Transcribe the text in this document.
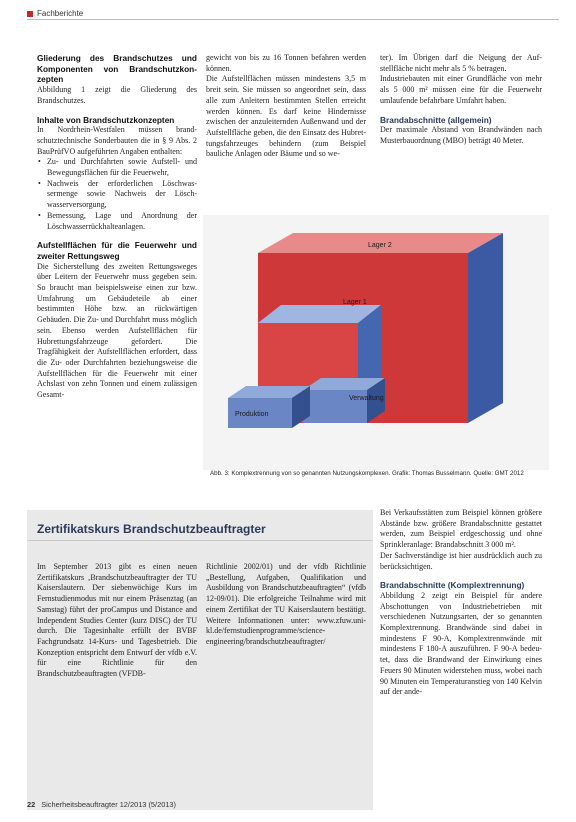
Fachberichte

Gliederung des Brandschutzes und Komponenten von Brandschutzkonzepten

Abbildung 1 zeigt die Gliederung des Brandschutzes.

Inhalte von Brandschutzkonzepten

In Nordrhein-Westfalen müssen brandschutztechnische Sonderbauten die in § 9 Abs. 2 BauPrüfVO aufgeführten Angaben enthalten:

• Zu- und Durchfahrten sowie Aufstell- und Bewegungsflächen für die Feuerwehr,
• Nachweis der erforderlichen Löschwassermenge sowie Nachweis der Löschwasserversorgung,
• Bemessung, Lage und Anordnung der Löschwasserrückhalteanlagen.

Aufstellflächen für die Feuerwehr und zweiter Rettungsweg

Die Sicherstellung des zweiten Rettungsweges über Leitern der Feuerwehr muss gegeben sein. So braucht man beispielsweise einen zur bzw. Umfahrung um Gebäudeteile ab einer bestimmten Höhe bzw. an rückwärtigen Gebäuden. Die Zu- und Durchfahrt muss möglich sein. Ebenso werden Aufstellflächen für Hubrettungsfahrzeuge gefordert. Die Tragfähigkeit der Aufstellflächen erfordert, dass die Zu- oder Durchfahrten beziehungsweise die Aufstellflächen für die Feuerwehr mit einer Achslast von zehn Tonnen und einem zulässigen Gesamt-

gewicht von bis zu 16 Tonnen befahren werden können.

Die Aufstellflächen müssen mindestens 3,5 m breit sein. Sie müssen so angeordnet sein, dass alle zum Anleitern bestimmten Stellen erreicht werden können. Es darf keine Hindernisse zwischen der anzuleiternden Außenwand und der Aufstellfläche geben, die den Einsatz des Hubrettungsfahrzeuges behindern (zum Beispiel bauliche Anlagen oder Bäume und so we-

ter). Im Übrigen darf die Neigung der Aufstellfläche nicht mehr als 5 % betragen.

Industriebauten mit einer Grundfläche von mehr als 5 000 m² müssen eine für die Feuerwehr umlaufende befahrbare Umfahrt haben.

Brandabschnitte (allgemein)

Der maximale Abstand von Brandwänden nach Musterbauordnung (MBO) beträgt 40 Meter.

Lager 2
Lager 1
Verwaltung
Produktion
Abb. 3: Komplextrennung von so genannten Nutzungskomplexen. Grafik: Thomas Busselmann. Quelle: GMT 2012
Zertifikatskurs Brandschutzbeauftragter
Im September 2013 gibt es einen neuen Zertifikatskurs ‚Brandschutzbeauftragter der TU Kaiserslautern. Der siebenwöchige Kurs im Fernstudienmodus mit nur einem Präsenztag (an Samstag) führt der proCampus und Distance and Independent Studies Center (kurz DISC) der TU durch. Die Tagesinhalte erfüllt der BVBF Fachgrundsatz 14-Kurs- und Tagesbetrieb. Die Konzeption entspricht dem Entwurf der vfdb e.V. für eine Richtlinie für den Brandschutzbeauftragten (VFDB-
Richtlinie 2002/01) und der vfdb Richtlinie „Bestellung, Aufgaben, Qualifikation und Ausbildung von Brandschutzbeauftragten“ (vfdb 12-09/01). Die erfolgreiche Teilnahme wird mit einem Zertifikat der TU Kaiserslautern bestätigt. Weitere Informationen unter: www.zfuw.uni-kl.de/fernstudienprogramme/science-engineering/brandschutzbeauftragter/

Bei Verkaufsstätten zum Beispiel können größere Abstände bzw. größere Brandabschnitte gestattet werden, zum Beispiel erdgeschossig und ohne Sprinkleranlage: Brandabschnitt 3 000 m².

Der Sachverständige ist hier ausdrücklich auch zu berücksichtigen.

Brandabschnitte (Komplextrennung)

Abbildung 2 zeigt ein Beispiel für andere Abschottungen von Industriebetrieben mit verschiedenen Nutzungsarten, der so genannten Komplextrennung. Brandwände sind dabei in mindestens F 90-A, Komplextrennwände mit mindestens F 180-A auszuführen. F 90-A bedeutet, dass die Brandwand der Einwirkung eines Feuers 90 Minuten widerstehen muss, wobei nach 90 Minuten ein Temperaturanstieg von 140 Kelvin auf der ande-

22 Sicherheitsbeauftragter 12/2013 (5/2013)
